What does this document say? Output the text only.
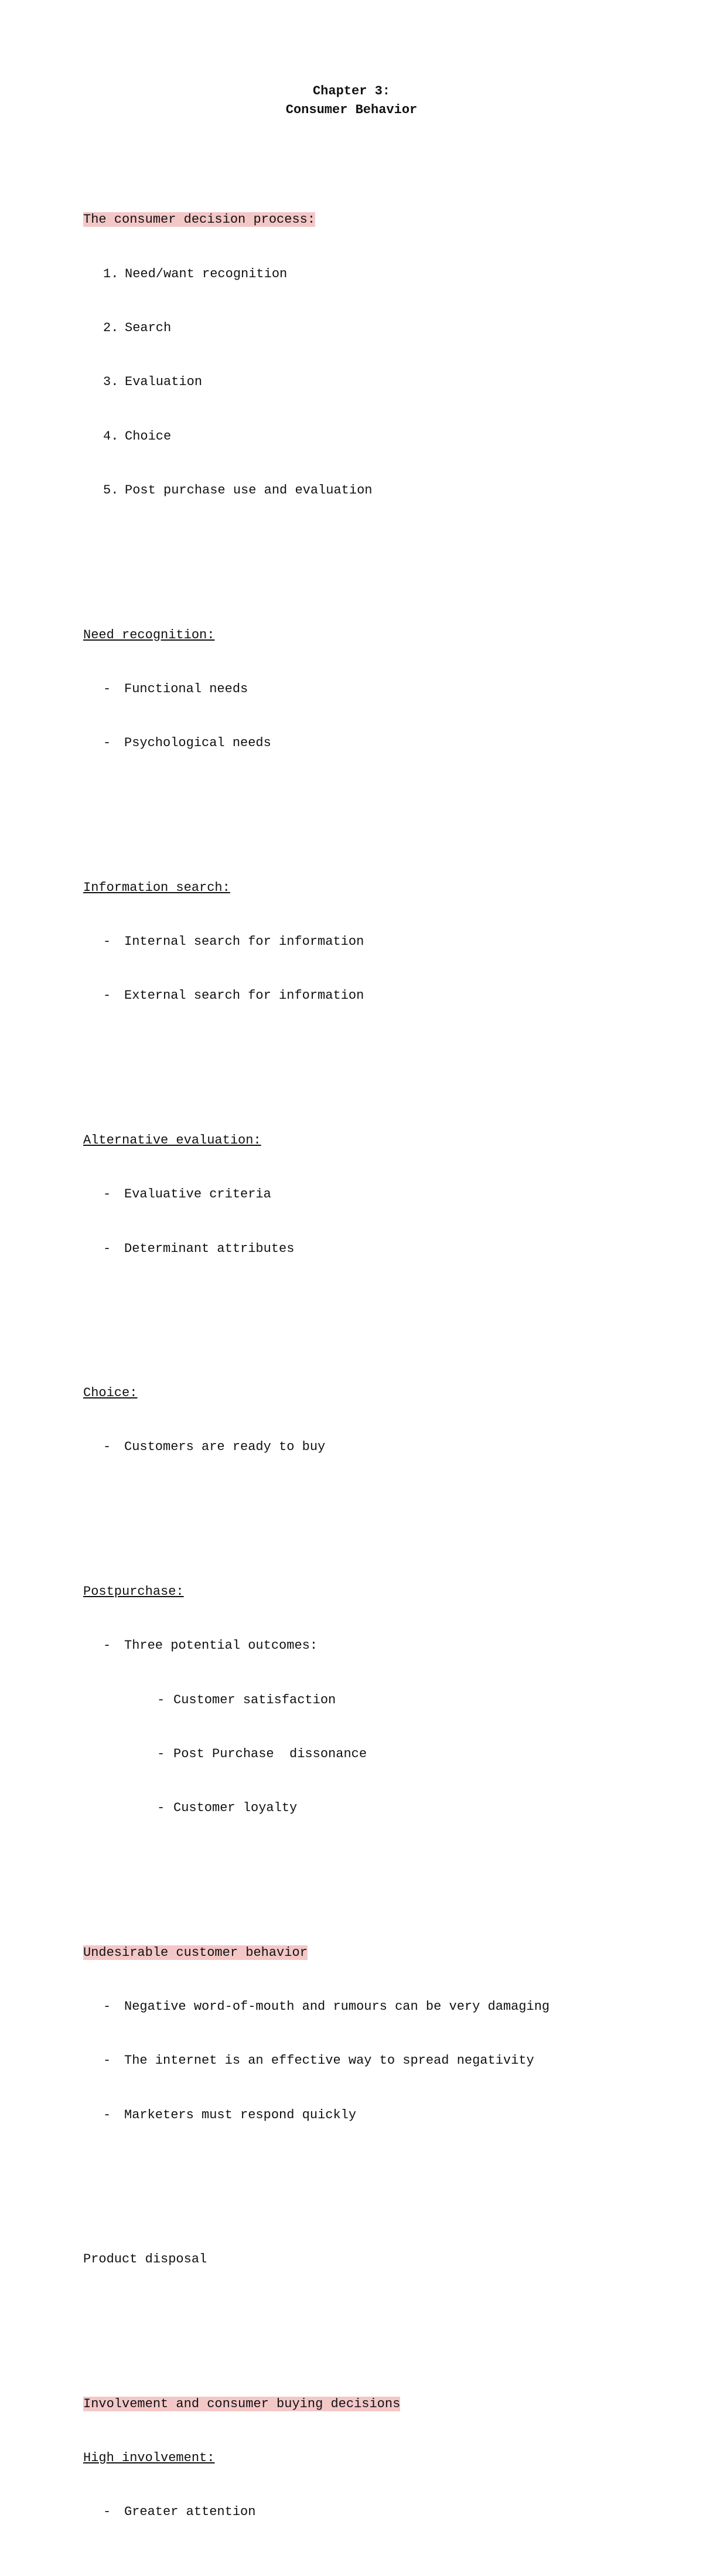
Chapter 3:
Consumer Behavior

The consumer decision process:

1. Need/want recognition

2. Search

3. Evaluation

4. Choice

5. Post purchase use and evaluation

Need recognition:

- Functional needs

- Psychological needs

Information search:

- Internal search for information

- External search for information

Alternative evaluation:

- Evaluative criteria

- Determinant attributes

Choice:

- Customers are ready to buy

Postpurchase:

- Three potential outcomes:

- Customer satisfaction

- Post Purchase  dissonance

- Customer loyalty

Undesirable customer behavior

- Negative word-of-mouth and rumours can be very damaging

- The internet is an effective way to spread negativity

- Marketers must respond quickly

Product disposal

Involvement and consumer buying decisions

High involvement:

- Greater attention
